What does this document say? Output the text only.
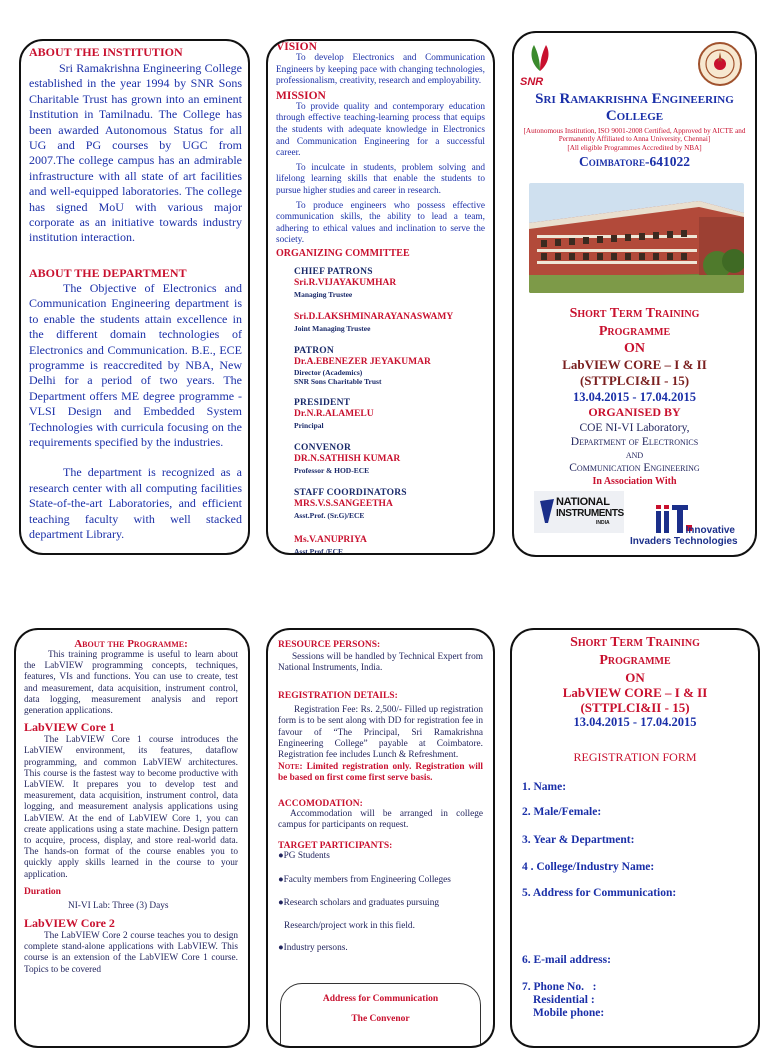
ABOUT THE INSTITUTION

Sri Ramakrishna Engineering College established in the year 1994 by SNR Sons Charitable Trust has grown into an eminent Institution in Tamilnadu. The College has been awarded Autonomous Status for all UG and PG courses by UGC from 2007.The college campus has an admirable infrastructure with all state of art facilities and well-equipped laboratories. The college has signed MoU with various major corporate as an initiative towards industry institution interaction.

ABOUT THE DEPARTMENT

The Objective of Electronics and Communication Engineering department is to enable the students attain excellence in the different domain technologies of Electronics and Communication. B.E., ECE programme is reaccredited by NBA, New Delhi for a period of two years. The Department offers ME degree programme - VLSI Design and Embedded System Technologies with curricula focusing on the requirements specified by the industries.

The department is recognized as a research center with all computing facilities State-of-the-art Laboratories, and efficient teaching faculty with well stacked department Library.

VISION

To develop Electronics and Communication Engineers by keeping pace with changing technologies, professionalism, creativity, research and employability.

MISSION

To provide quality and contemporary education through effective teaching-learning process that equips the students with adequate knowledge in Electronics and Communication Engineering for a successful career.

To inculcate in students, problem solving and lifelong learning skills that enable the students to pursue higher studies and career in research.

To produce engineers who possess effective communication skills, the ability to lead a team, adhering to ethical values and inclination to serve the society.

ORGANIZING COMMITTEE
CHIEF PATRONS
Sri.R.VIJAYAKUMHAR
Managing Trustee
Sri.D.LAKSHMINARAYANASWAMY
Joint Managing Trustee
PATRON
Dr.A.EBENEZER JEYAKUMAR
Director (Academics)
SNR Sons Charitable Trust
PRESIDENT
Dr.N.R.ALAMELU
Principal
CONVENOR
DR.N.SATHISH KUMAR
Professor & HOD-ECE
STAFF COORDINATORS
MRS.V.S.SANGEETHA
Asst.Prof. (Sr.G)/ECE
Ms.V.ANUPRIYA
Asst.Prof./ECE
SNR
Sri Ramakrishna Engineering
College
[Autonomous Institution, ISO 9001-2008 Certified, Approved by AICTE and Permanently Affiliated to Anna University, Chennai]
[All eligible Programmes Accredited by NBA]
Coimbatore-641022
Short Term Training
Programme
ON
LabVIEW CORE – I & II
(STTPLCI&II - 15)
13.04.2015 - 17.04.2015
ORGANISED BY
COE NI-VI Laboratory,
Department of Electronics
and
Communication Engineering
In Association With
NATIONAL
INSTRUMENTS
INDIA
Innovative
Invaders Technologies
About the Programme:

This training programme is useful to learn about the LabVIEW programming concepts, techniques, features, VIs and functions. You can use to create, test and measurement, data acquisition, instrument control, data logging, measurement analysis and report generation applications.

LabVIEW Core 1

The LabVIEW Core 1 course introduces the LabVIEW environment, its features, dataflow programming, and common LabVIEW architectures. This course is the fastest way to become productive with LabVIEW. It prepares you to develop test and measurement, data acquisition, instrument control, data logging, and measurement analysis applications using LabVIEW. At the end of LabVIEW Core 1, you can create applications using a state machine. Design pattern to acquire, process, display, and store real-world data. The hands-on format of the course enables you to quickly apply skills learned in the course to your application.

Duration

NI-VI Lab: Three (3) Days

LabVIEW Core 2

The LabVIEW Core 2 course teaches you to design complete stand-alone applications with LabVIEW. This course is an extension of the LabVIEW Core 1 course. Topics to be covered

RESOURCE PERSONS:

Sessions will be handled by Technical Expert from National Instruments, India.

REGISTRATION DETAILS:

Registration Fee: Rs. 2,500/- Filled up registration form is to be sent along with DD for registration fee in favour of “The Principal, Sri Ramakrishna Engineering College” payable at Coimbatore. Registration fee includes Lunch & Refreshment.

Note: Limited registration only. Registration will be based on first come first serve basis.

ACCOMODATION:

Accommodation will be arranged in college campus for participants on request.

TARGET PARTICIPANTS:
●PG Students
●Faculty members from Engineering Colleges
●Research scholars and graduates pursuing
Research/project work in this field.
●Industry persons.
Address for Communication
The Convenor
Short Term Training
Programme
ON
LabVIEW CORE – I & II
(STTPLCI&II - 15)
13.04.2015 - 17.04.2015
REGISTRATION FORM
1. Name:
2. Male/Female:
3. Year & Department:
4 . College/Industry Name:
5. Address for Communication:
6. E-mail address:
7. Phone No.   :
Residential :
Mobile phone:
